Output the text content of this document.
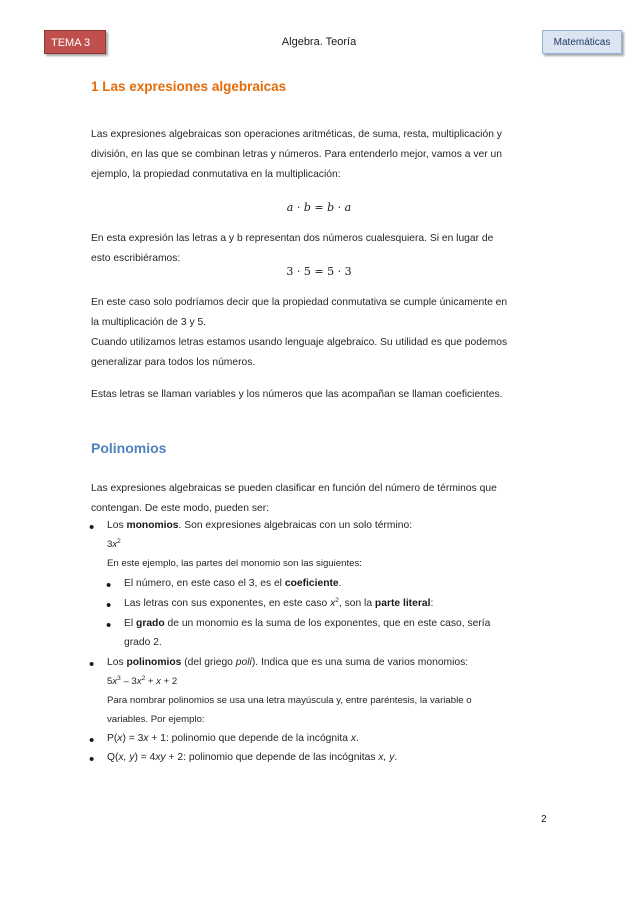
TEMA 3	Algebra. Teoría	Matemáticas
1 Las expresiones algebraicas
Las expresiones algebraicas son operaciones aritméticas, de suma, resta, multiplicación y
división, en las que se combinan letras y números. Para entenderlo mejor, vamos a ver un
ejemplo, la propiedad conmutativa en la multiplicación:
a · b = b · a
En esta expresión las letras a y b representan dos números cualesquiera. Si en lugar de
esto escribiéramos:
3 · 5 = 5 · 3
En este caso solo podríamos decir que la propiedad conmutativa se cumple únicamente en
la multiplicación de 3 y 5.
Cuando utilizamos letras estamos usando lenguaje algebraico. Su utilidad es que podemos
generalizar para todos los números.
Estas letras se llaman variables y los números que las acompañan se llaman coeficientes.
Polinomios
Las expresiones algebraicas se pueden clasificar en función del número de términos que
contengan. De este modo, pueden ser:
• Los monomios. Son expresiones algebraicas con un solo término:
$3x^2$
En este ejemplo, las partes del monomio son las siguientes:
• El número, en este caso el 3, es el coeficiente.
• Las letras con sus exponentes, en este caso $x^2$, son la parte literal:
• El grado de un monomio es la suma de los exponentes, que en este caso, sería
grado 2.
• Los polinomios (del griego poli). Indica que es una suma de varios monomios:
$5x^3 - 3x^2 + x + 2$
Para nombrar polinomios se usa una letra mayúscula y, entre paréntesis, la variable o
variables. Por ejemplo:
• P(x) = 3x + 1: polinomio que depende de la incógnita x.
• Q(x, y) = 4xy + 2: polinomio que depende de las incógnitas x, y.
2
